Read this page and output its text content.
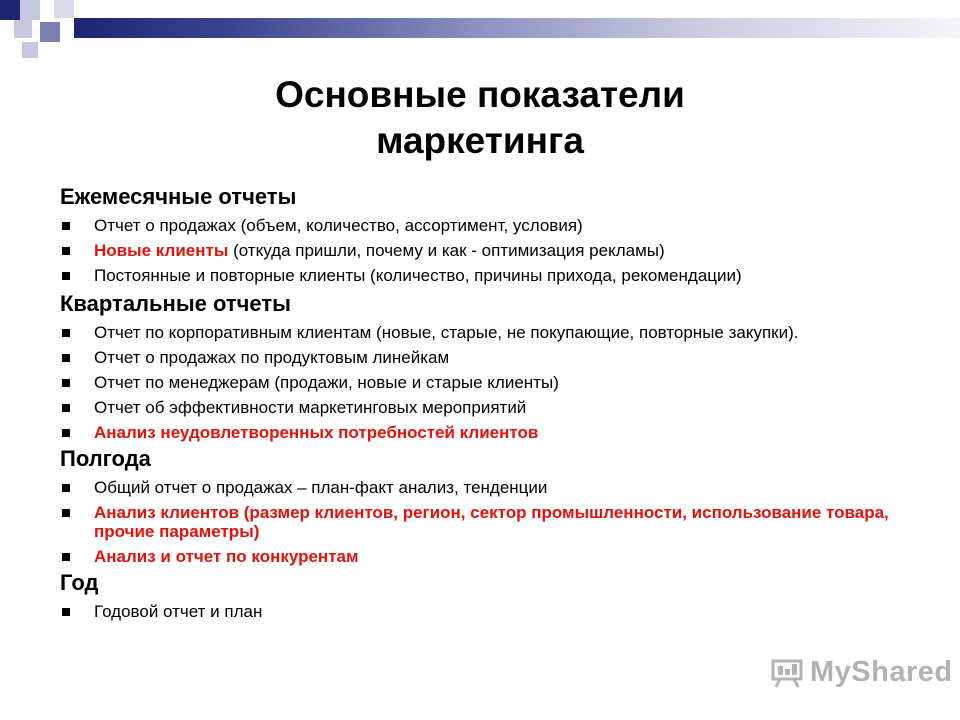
Основные показатели
маркетинга
Ежемесячные отчеты
Отчет о продажах (объем, количество, ассортимент, условия)
Новые клиенты (откуда пришли, почему и как - оптимизация рекламы)
Постоянные и повторные клиенты (количество, причины прихода, рекомендации)
Квартальные отчеты
Отчет по корпоративным клиентам (новые, старые, не покупающие, повторные закупки).
Отчет о продажах по продуктовым линейкам
Отчет по менеджерам (продажи, новые и старые клиенты)
Отчет об эффективности маркетинговых мероприятий
Анализ неудовлетворенных потребностей клиентов
Полгода
Общий отчет о продажах – план-факт анализ, тенденции
Анализ клиентов (размер клиентов, регион, сектор промышленности, использование товара, прочие параметры)
Анализ и отчет по конкурентам
Год
Годовой отчет и план
MyShared
